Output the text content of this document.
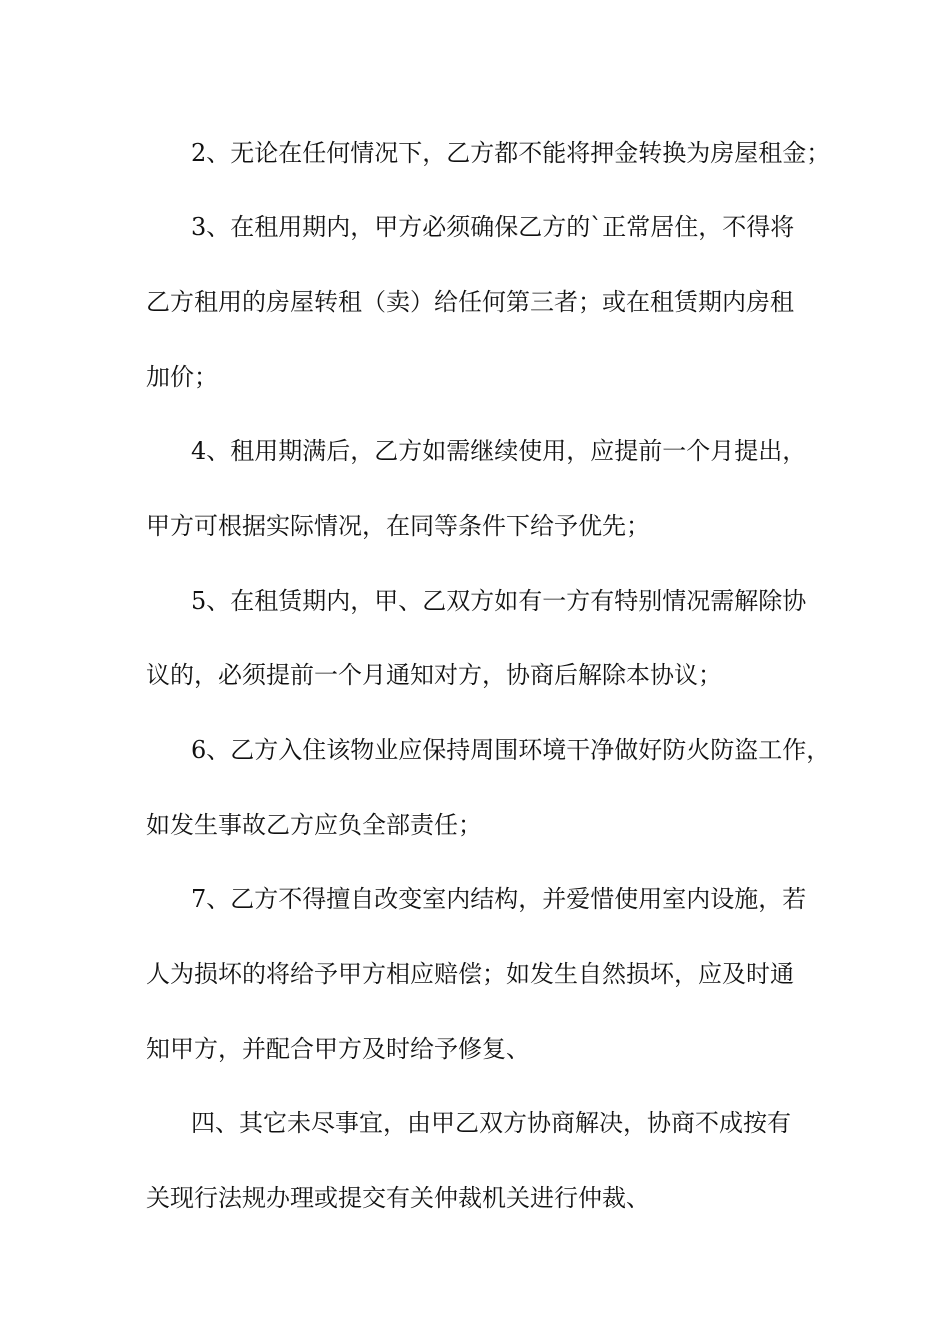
2、无论在任何情况下，乙方都不能将押金转换为房屋租金；

3、在租用期内，甲方必须确保乙方的`正常居住，不得将

乙方租用的房屋转租（卖）给任何第三者；或在租赁期内房租

加价；

4、租用期满后，乙方如需继续使用，应提前一个月提出，

甲方可根据实际情况，在同等条件下给予优先；

5、在租赁期内，甲、乙双方如有一方有特别情况需解除协

议的，必须提前一个月通知对方，协商后解除本协议；

6、乙方入住该物业应保持周围环境干净做好防火防盗工作，

如发生事故乙方应负全部责任；

7、乙方不得擅自改变室内结构，并爱惜使用室内设施，若

人为损坏的将给予甲方相应赔偿；如发生自然损坏，应及时通

知甲方，并配合甲方及时给予修复、

四、其它未尽事宜，由甲乙双方协商解决，协商不成按有

关现行法规办理或提交有关仲裁机关进行仲裁、
